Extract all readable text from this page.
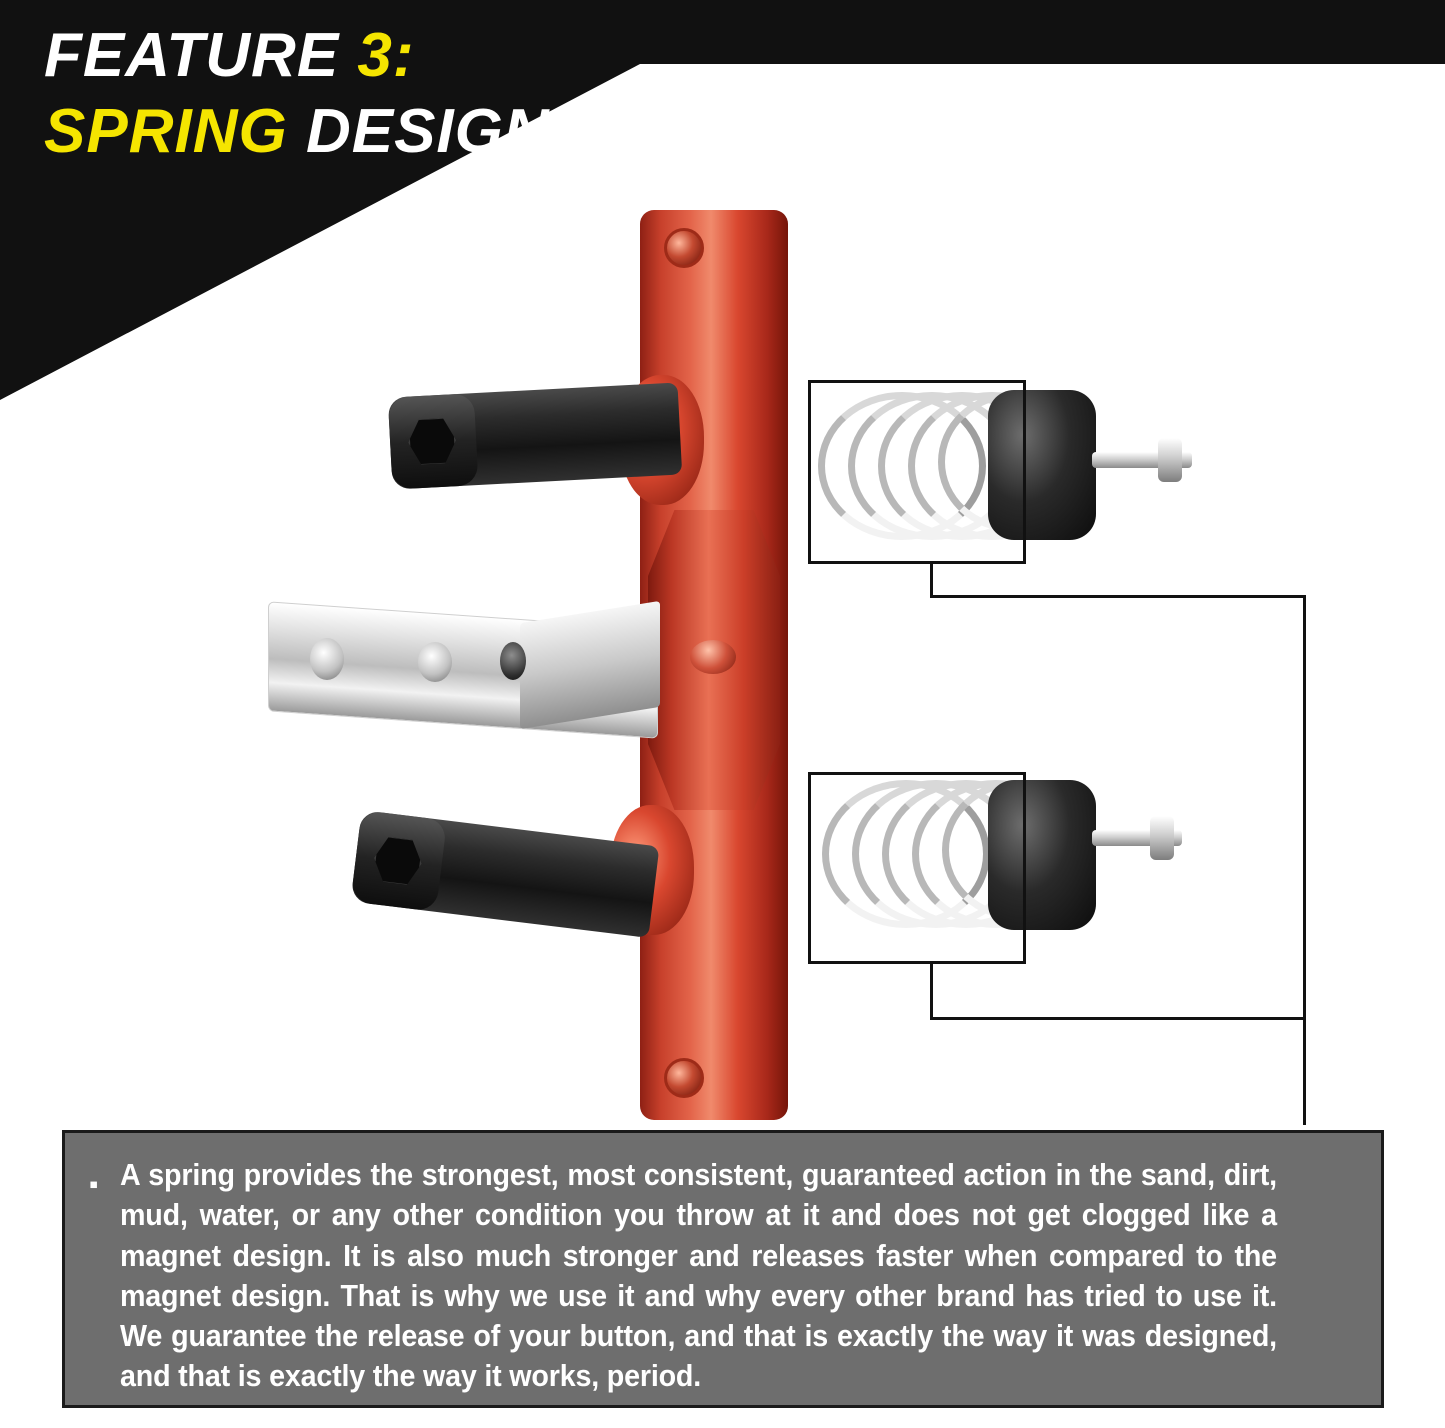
FEATURE 3:
SPRING DESIGN
▪ A spring provides the strongest, most consistent, guaranteed action in the sand, dirt, mud, water, or any other condition you throw at it and does not get clogged like a magnet design. It is also much stronger and releases faster when compared to the magnet design. That is why we use it and why every other brand has tried to use it. We guarantee the release of your button, and that is exactly the way it was designed, and that is exactly the way it works, period.
